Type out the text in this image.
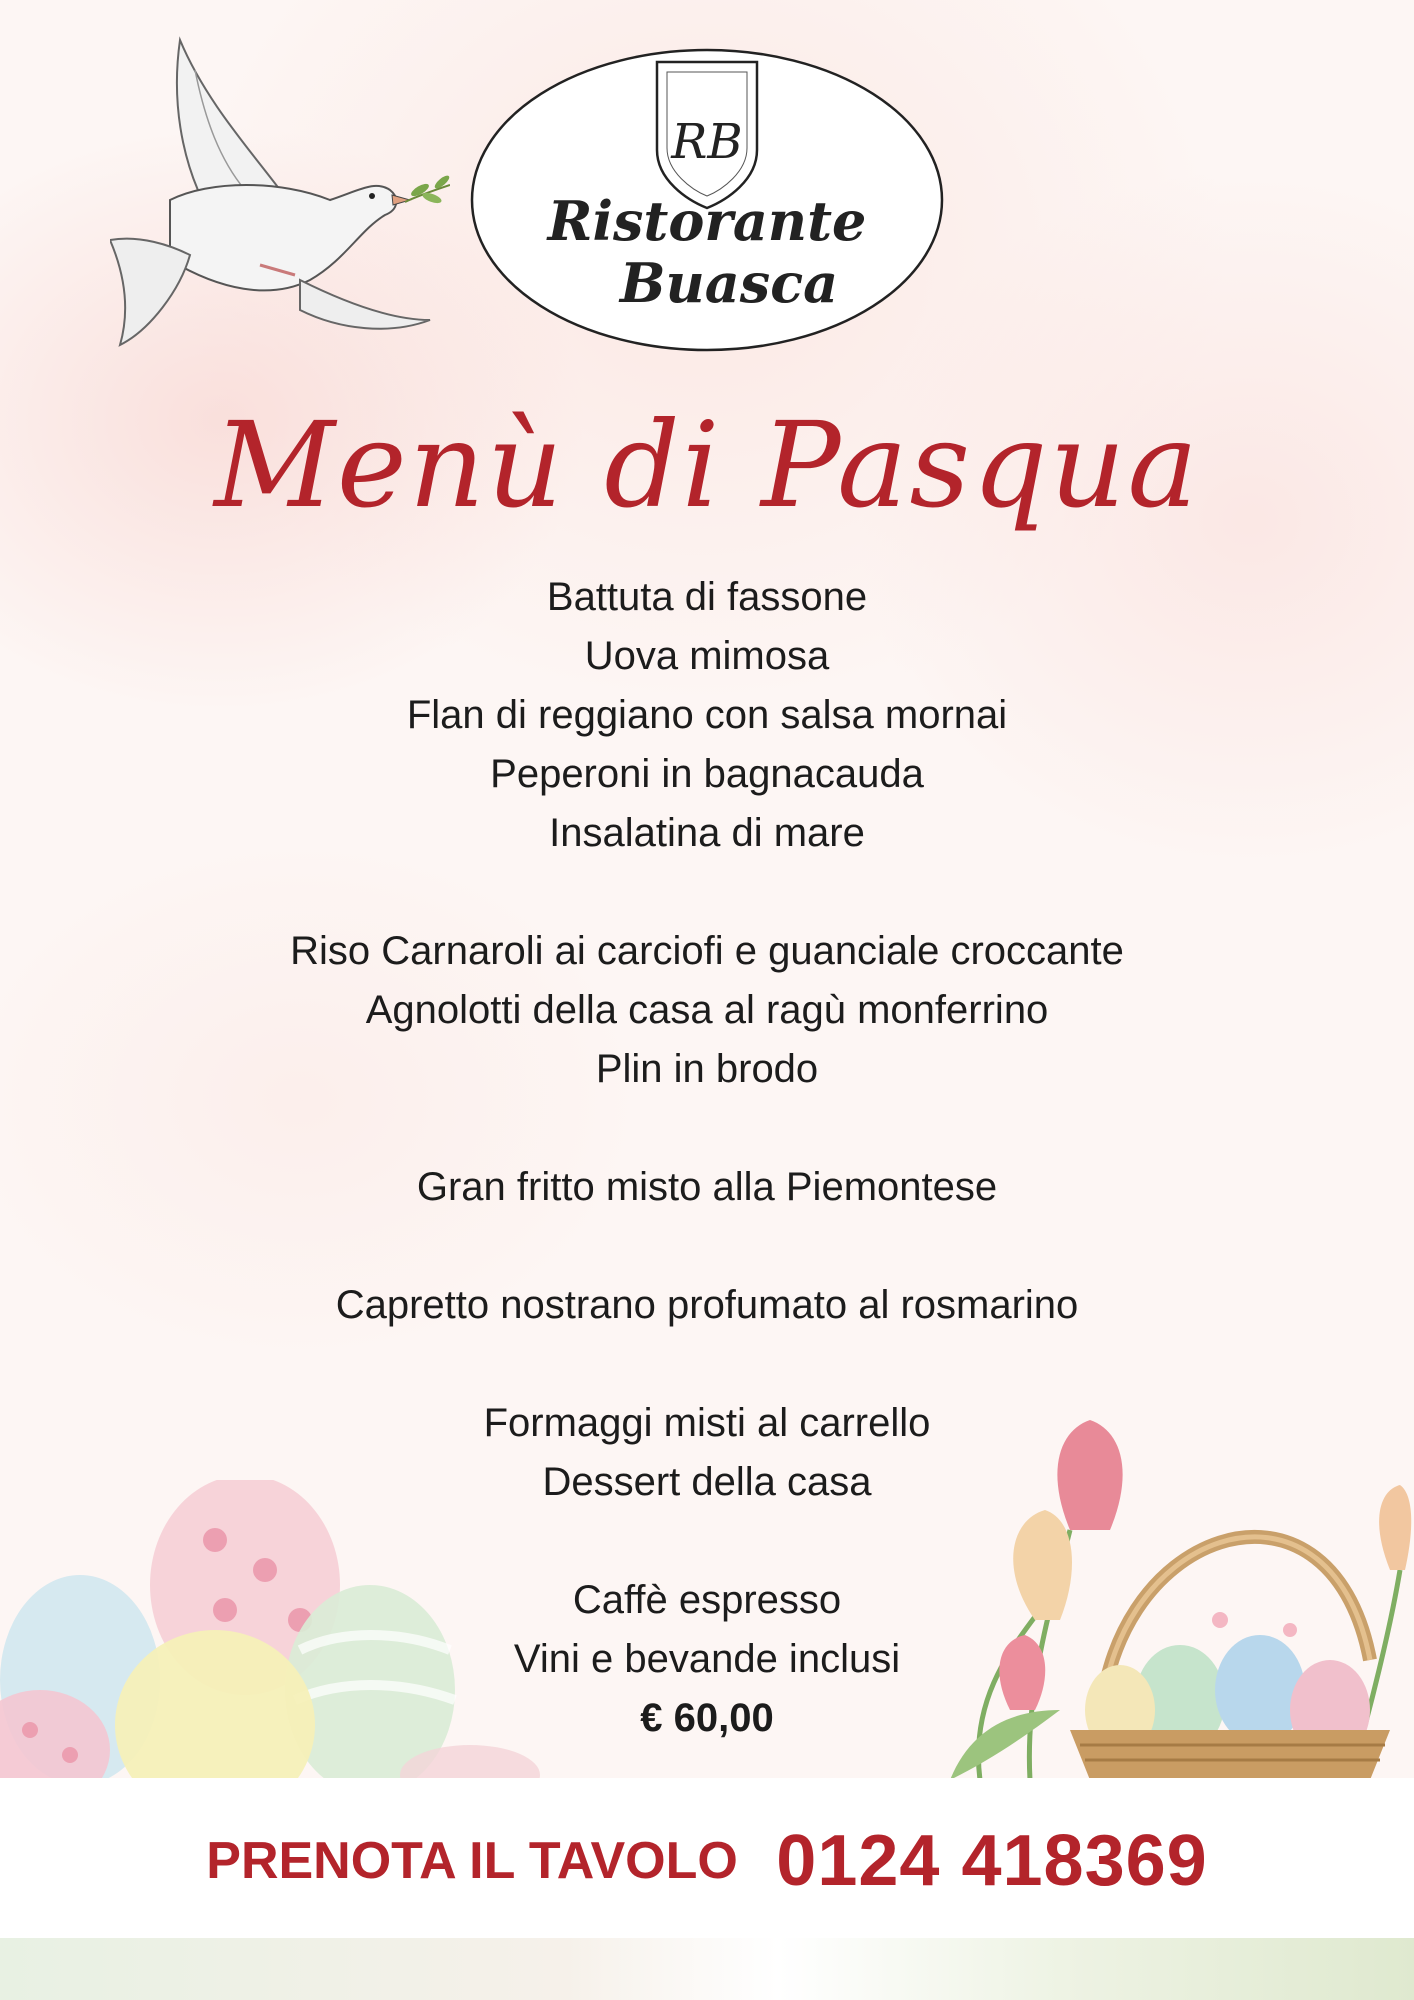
RB
Ristorante
Buasca
Menù di Pasqua
Battuta di fassone
Uova mimosa
Flan di reggiano con salsa mornai
Peperoni in bagnacauda
Insalatina di mare
Riso Carnaroli ai carciofi e guanciale croccante
Agnolotti della casa al ragù monferrino
Plin in brodo
Gran fritto misto alla Piemontese
Capretto nostrano profumato al rosmarino
Formaggi misti al carrello
Dessert della casa
Caffè espresso
Vini e bevande inclusi
€ 60,00
PRENOTA IL TAVOLO 0124 418369
